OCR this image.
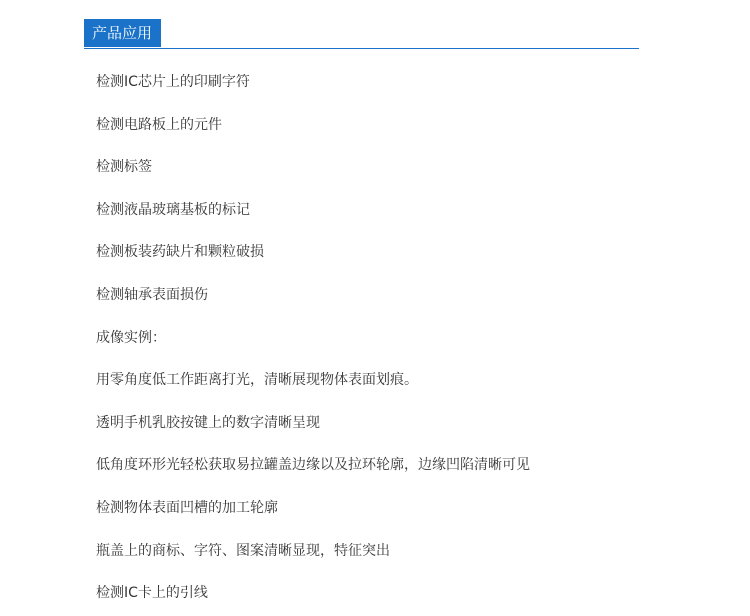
产品应用
检测IC芯片上的印刷字符
检测电路板上的元件
检测标签
检测液晶玻璃基板的标记
检测板装药缺片和颗粒破损
检测轴承表面损伤
成像实例：
用零角度低工作距离打光，清晰展现物体表面划痕。
透明手机乳胶按键上的数字清晰呈现
低角度环形光轻松获取易拉罐盖边缘以及拉环轮廓，边缘凹陷清晰可见
检测物体表面凹槽的加工轮廓
瓶盖上的商标、字符、图案清晰显现，特征突出
检测IC卡上的引线
